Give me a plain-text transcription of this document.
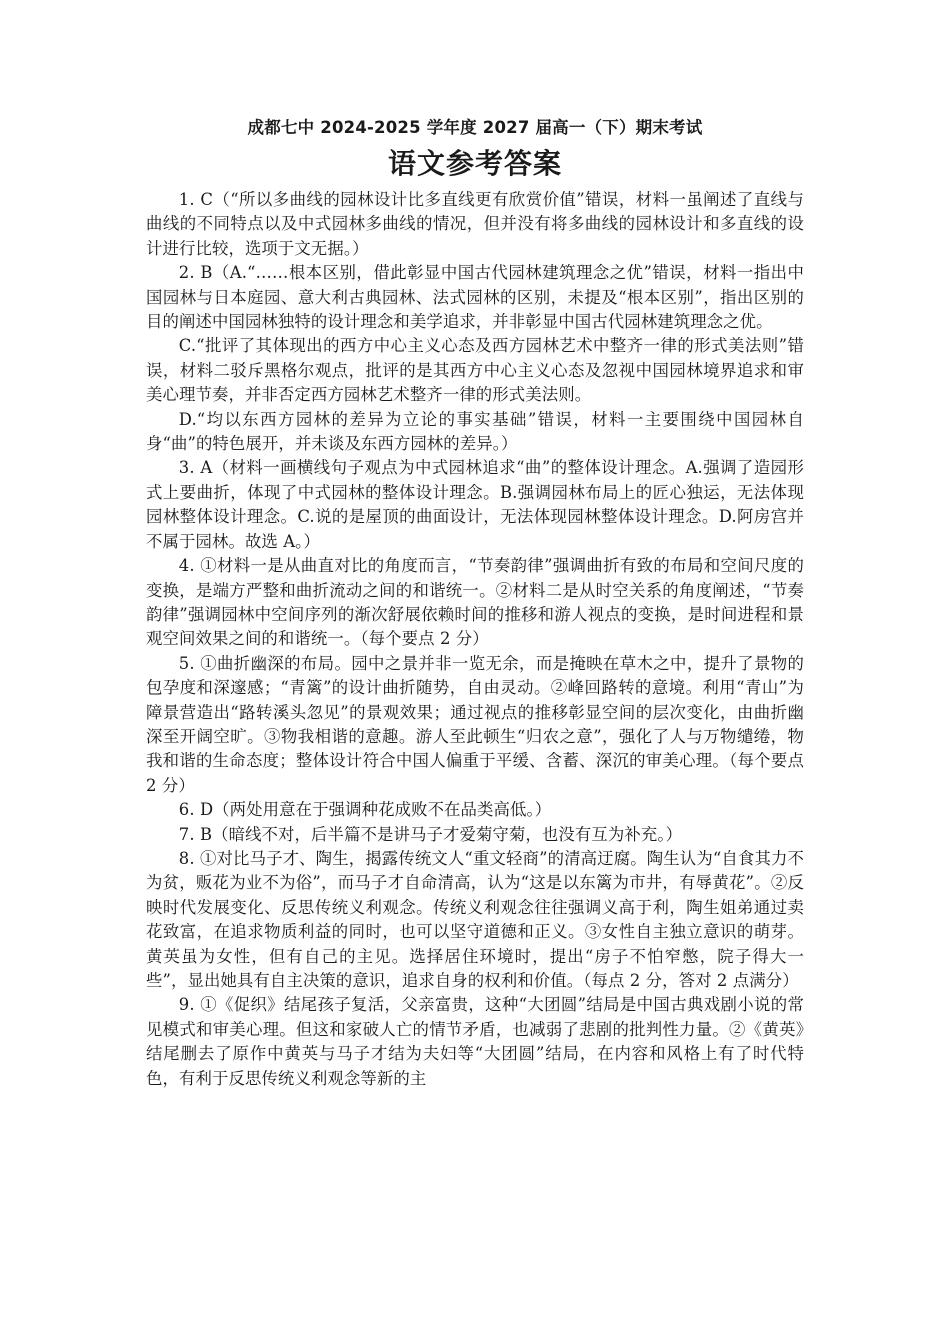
成都七中 2024-2025 学年度 2027 届高一（下）期末考试
语文参考答案

1. C（“所以多曲线的园林设计比多直线更有欣赏价值”错误，材料一虽阐述了直线与曲线的不同特点以及中式园林多曲线的情况，但并没有将多曲线的园林设计和多直线的设计进行比较，选项于文无据。）

2. B（A.“……根本区别，借此彰显中国古代园林建筑理念之优”错误，材料一指出中国园林与日本庭园、意大利古典园林、法式园林的区别，未提及“根本区别”，指出区别的目的阐述中国园林独特的设计理念和美学追求，并非彰显中国古代园林建筑理念之优。

C.“批评了其体现出的西方中心主义心态及西方园林艺术中整齐一律的形式美法则”错误，材料二驳斥黑格尔观点，批评的是其西方中心主义心态及忽视中国园林境界追求和审美心理节奏，并非否定西方园林艺术整齐一律的形式美法则。

D.“均以东西方园林的差异为立论的事实基础”错误，材料一主要围绕中国园林自身“曲”的特色展开，并未谈及东西方园林的差异。）

3. A（材料一画横线句子观点为中式园林追求“曲”的整体设计理念。A.强调了造园形式上要曲折，体现了中式园林的整体设计理念。B.强调园林布局上的匠心独运，无法体现园林整体设计理念。C.说的是屋顶的曲面设计，无法体现园林整体设计理念。D.阿房宫并不属于园林。故选 A。）

4. ①材料一是从曲直对比的角度而言，“节奏韵律”强调曲折有致的布局和空间尺度的变换，是端方严整和曲折流动之间的和谐统一。②材料二是从时空关系的角度阐述，“节奏韵律”强调园林中空间序列的渐次舒展依赖时间的推移和游人视点的变换，是时间进程和景观空间效果之间的和谐统一。（每个要点 2 分）

5. ①曲折幽深的布局。园中之景并非一览无余，而是掩映在草木之中，提升了景物的包孕度和深邃感；“青篱”的设计曲折随势，自由灵动。②峰回路转的意境。利用“青山”为障景营造出“路转溪头忽见”的景观效果；通过视点的推移彰显空间的层次变化，由曲折幽深至开阔空旷。③物我相谐的意趣。游人至此顿生“归农之意”，强化了人与万物缱绻，物我和谐的生命态度；整体设计符合中国人偏重于平缓、含蓄、深沉的审美心理。（每个要点 2 分）

6. D（两处用意在于强调种花成败不在品类高低。）

7. B（暗线不对，后半篇不是讲马子才爱菊守菊，也没有互为补充。）

8. ①对比马子才、陶生，揭露传统文人“重文轻商”的清高迂腐。陶生认为“自食其力不为贫，贩花为业不为俗”，而马子才自命清高，认为“这是以东篱为市井，有辱黄花”。②反映时代发展变化、反思传统义利观念。传统义利观念往往强调义高于利，陶生姐弟通过卖花致富，在追求物质利益的同时，也可以坚守道德和正义。③女性自主独立意识的萌芽。黄英虽为女性，但有自己的主见。选择居住环境时，提出“房子不怕窄憋，院子得大一些”，显出她具有自主决策的意识，追求自身的权利和价值。（每点 2 分，答对 2 点满分）

9. ①《促织》结尾孩子复活，父亲富贵，这种“大团圆”结局是中国古典戏剧小说的常见模式和审美心理。但这和家破人亡的情节矛盾，也减弱了悲剧的批判性力量。②《黄英》结尾删去了原作中黄英与马子才结为夫妇等“大团圆”结局，在内容和风格上有了时代特色，有利于反思传统义利观念等新的主
